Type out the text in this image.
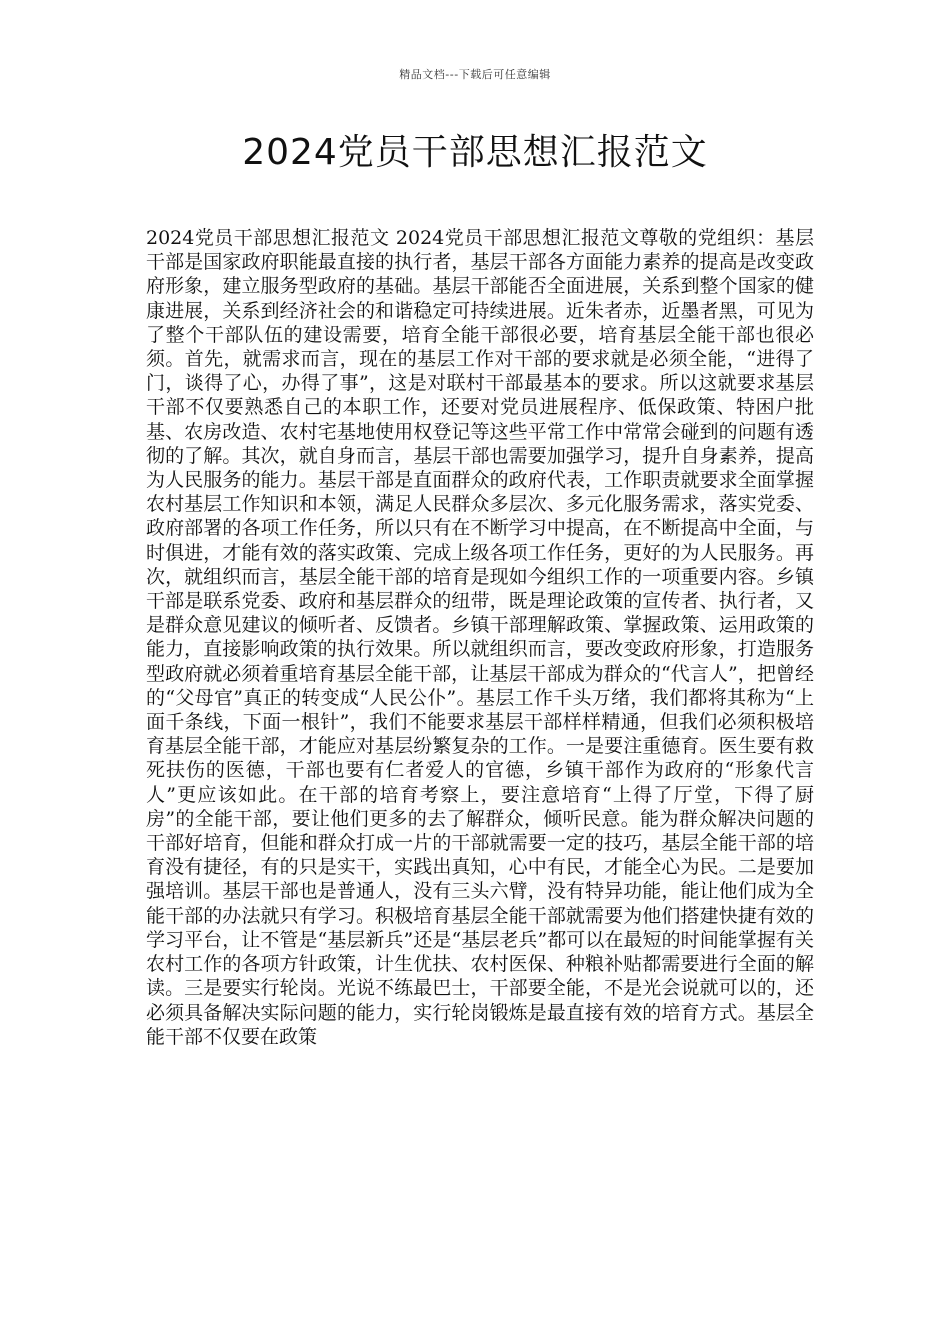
精品文档---下载后可任意编辑
2024党员干部思想汇报范文

2024党员干部思想汇报范文 2024党员干部思想汇报范文尊敬的党组织：基层干部是国家政府职能最直接的执行者，基层干部各方面能力素养的提高是改变政府形象，建立服务型政府的基础。基层干部能否全面进展，关系到整个国家的健康进展，关系到经济社会的和谐稳定可持续进展。近朱者赤，近墨者黑，可见为了整个干部队伍的建设需要，培育全能干部很必要，培育基层全能干部也很必须。首先，就需求而言，现在的基层工作对干部的要求就是必须全能，“进得了门，谈得了心，办得了事”，这是对联村干部最基本的要求。所以这就要求基层干部不仅要熟悉自己的本职工作，还要对党员进展程序、低保政策、特困户批基、农房改造、农村宅基地使用权登记等这些平常工作中常常会碰到的问题有透彻的了解。其次，就自身而言，基层干部也需要加强学习，提升自身素养，提高为人民服务的能力。基层干部是直面群众的政府代表，工作职责就要求全面掌握农村基层工作知识和本领，满足人民群众多层次、多元化服务需求，落实党委、政府部署的各项工作任务，所以只有在不断学习中提高，在不断提高中全面，与时俱进，才能有效的落实政策、完成上级各项工作任务，更好的为人民服务。再次，就组织而言，基层全能干部的培育是现如今组织工作的一项重要内容。乡镇干部是联系党委、政府和基层群众的纽带，既是理论政策的宣传者、执行者，又是群众意见建议的倾听者、反馈者。乡镇干部理解政策、掌握政策、运用政策的能力，直接影响政策的执行效果。所以就组织而言，要改变政府形象，打造服务型政府就必须着重培育基层全能干部，让基层干部成为群众的“代言人”，把曾经的“父母官”真正的转变成“人民公仆”。基层工作千头万绪，我们都将其称为“上面千条线，下面一根针”，我们不能要求基层干部样样精通，但我们必须积极培育基层全能干部，才能应对基层纷繁复杂的工作。一是要注重德育。医生要有救死扶伤的医德，干部也要有仁者爱人的官德，乡镇干部作为政府的“形象代言人”更应该如此。在干部的培育考察上，要注意培育“上得了厅堂，下得了厨房”的全能干部，要让他们更多的去了解群众，倾听民意。能为群众解决问题的干部好培育，但能和群众打成一片的干部就需要一定的技巧，基层全能干部的培育没有捷径，有的只是实干，实践出真知，心中有民，才能全心为民。二是要加强培训。基层干部也是普通人，没有三头六臂，没有特异功能，能让他们成为全能干部的办法就只有学习。积极培育基层全能干部就需要为他们搭建快捷有效的学习平台，让不管是“基层新兵”还是“基层老兵”都可以在最短的时间能掌握有关农村工作的各项方针政策，计生优扶、农村医保、种粮补贴都需要进行全面的解读。三是要实行轮岗。光说不练最巴士，干部要全能，不是光会说就可以的，还必须具备解决实际问题的能力，实行轮岗锻炼是最直接有效的培育方式。基层全能干部不仅要在政策
